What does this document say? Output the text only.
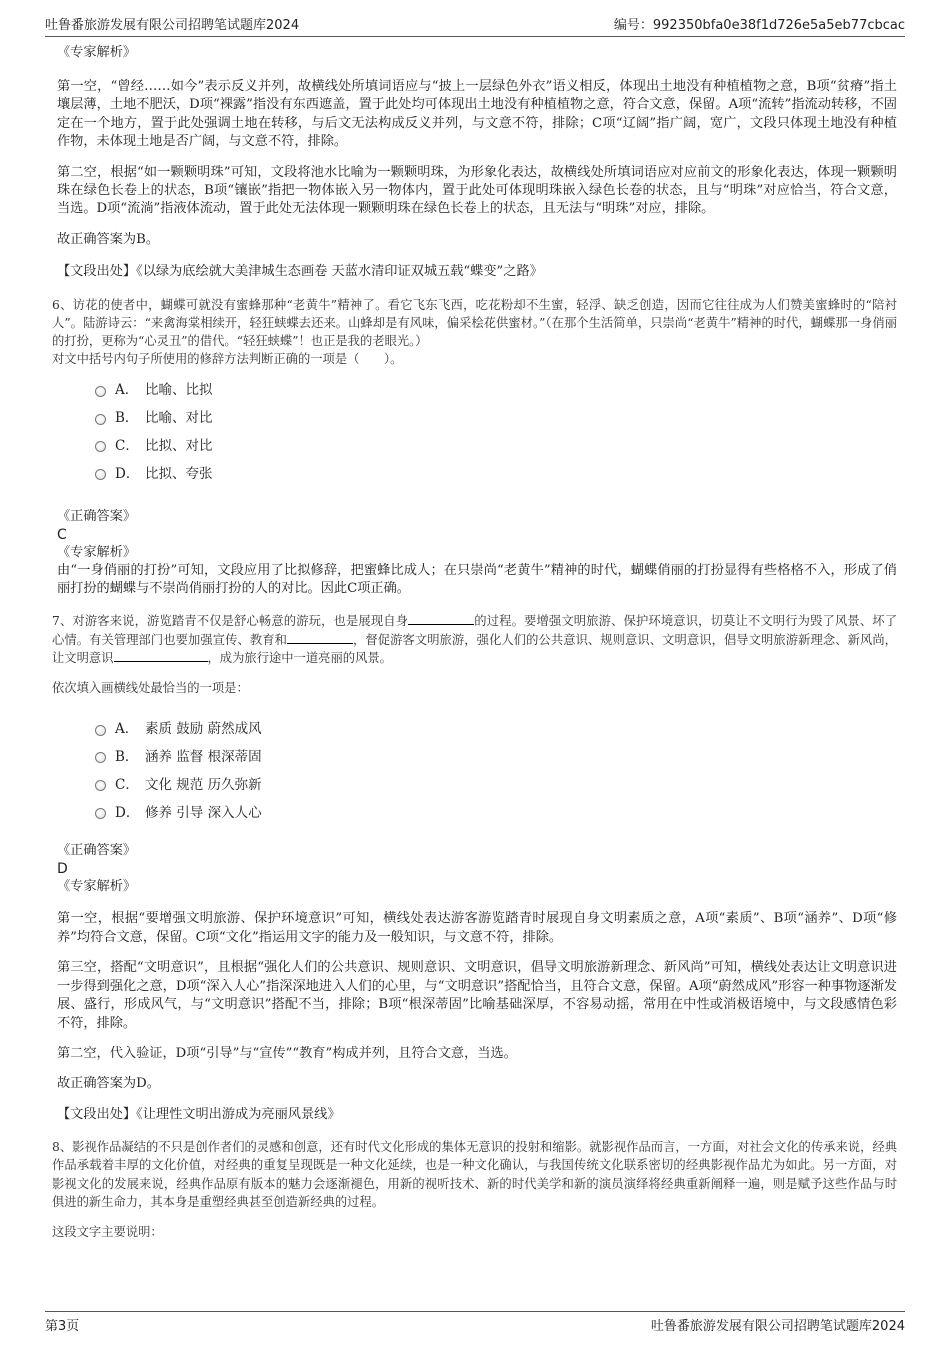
吐鲁番旅游发展有限公司招聘笔试题库2024	编号：992350bfa0e38f1d726e5a5eb77cbcac

《专家解析》

第一空，“曾经……如今”表示反义并列，故横线处所填词语应与“披上一层绿色外衣”语义相反，体现出土地没有种植植物之意，B项“贫瘠”指土壤层薄，土地不肥沃，D项“裸露”指没有东西遮盖，置于此处均可体现出土地没有种植植物之意，符合文意，保留。A项“流转”指流动转移，不固定在一个地方，置于此处强调土地在转移，与后文无法构成反义并列，与文意不符，排除；C项“辽阔”指广阔，宽广，文段只体现土地没有种植作物，未体现土地是否广阔，与文意不符，排除。

第二空，根据“如一颗颗明珠”可知，文段将池水比喻为一颗颗明珠，为形象化表达，故横线处所填词语应对应前文的形象化表达，体现一颗颗明珠在绿色长卷上的状态，B项“镶嵌”指把一物体嵌入另一物体内，置于此处可体现明珠嵌入绿色长卷的状态，且与“明珠”对应恰当，符合文意，当选。D项“流淌”指液体流动，置于此处无法体现一颗颗明珠在绿色长卷上的状态，且无法与“明珠”对应，排除。

故正确答案为B。

【文段出处】《以绿为底绘就大美津城生态画卷 天蓝水清印证双城五载“蝶变”之路》

6、访花的使者中，蝴蝶可就没有蜜蜂那种“老黄牛”精神了。看它飞东飞西，吃花粉却不生蜜，轻浮、缺乏创造，因而它往往成为人们赞美蜜蜂时的“陪衬人”。陆游诗云：“来禽海棠相续开，轻狂蛱蝶去还来。山蜂却是有风味，偏采桧花供蜜材。”（在那个生活简单，只崇尚“老黄牛”精神的时代，蝴蝶那一身俏丽的打扮，更称为“心灵丑”的借代。“轻狂蛱蝶”！也正是我的老眼光。）

对文中括号内句子所使用的修辞方法判断正确的一项是（　　）。

A． 比喻、比拟
B． 比喻、对比
C． 比拟、对比
D． 比拟、夸张

《正确答案》

C

《专家解析》

由“一身俏丽的打扮”可知，文段应用了比拟修辞，把蜜蜂比成人；在只崇尚“老黄牛”精神的时代，蝴蝶俏丽的打扮显得有些格格不入，形成了俏丽打扮的蝴蝶与不崇尚俏丽打扮的人的对比。因此C项正确。

7、对游客来说，游览踏青不仅是舒心畅意的游玩，也是展现自身	的过程。要增强文明旅游、保护环境意识，切莫让不文明行为毁了风景、坏了心情。有关管理部门也要加强宣传、教育和	，督促游客文明旅游，强化人们的公共意识、规则意识、文明意识，倡导文明旅游新理念、新风尚，让文明意识	，成为旅行途中一道亮丽的风景。

依次填入画横线处最恰当的一项是：

A． 素质 鼓励 蔚然成风
B． 涵养 监督 根深蒂固
C． 文化 规范 历久弥新
D． 修养 引导 深入人心

《正确答案》

D

《专家解析》

第一空，根据“要增强文明旅游、保护环境意识”可知，横线处表达游客游览踏青时展现自身文明素质之意，A项“素质”、B项“涵养”、D项“修养”均符合文意，保留。C项“文化”指运用文字的能力及一般知识，与文意不符，排除。

第三空，搭配“文明意识”，且根据“强化人们的公共意识、规则意识、文明意识，倡导文明旅游新理念、新风尚”可知，横线处表达让文明意识进一步得到强化之意，D项“深入人心”指深深地进入人们的心里，与“文明意识”搭配恰当，且符合文意，保留。A项“蔚然成风”形容一种事物逐渐发展、盛行，形成风气，与“文明意识”搭配不当，排除；B项“根深蒂固”比喻基础深厚，不容易动摇，常用在中性或消极语境中，与文段感情色彩不符，排除。

第二空，代入验证，D项“引导”与“宣传”“教育”构成并列，且符合文意，当选。

故正确答案为D。

【文段出处】《让理性文明出游成为亮丽风景线》

8、影视作品凝结的不只是创作者们的灵感和创意，还有时代文化形成的集体无意识的投射和缩影。就影视作品而言，一方面，对社会文化的传承来说，经典作品承载着丰厚的文化价值，对经典的重复呈现既是一种文化延续，也是一种文化确认，与我国传统文化联系密切的经典影视作品尤为如此。另一方面，对影视文化的发展来说，经典作品原有版本的魅力会逐渐褪色，用新的视听技术、新的时代美学和新的演员演绎将经典重新阐释一遍，则是赋予这些作品与时俱进的新生命力，其本身是重塑经典甚至创造新经典的过程。

这段文字主要说明：

第3页	吐鲁番旅游发展有限公司招聘笔试题库2024
